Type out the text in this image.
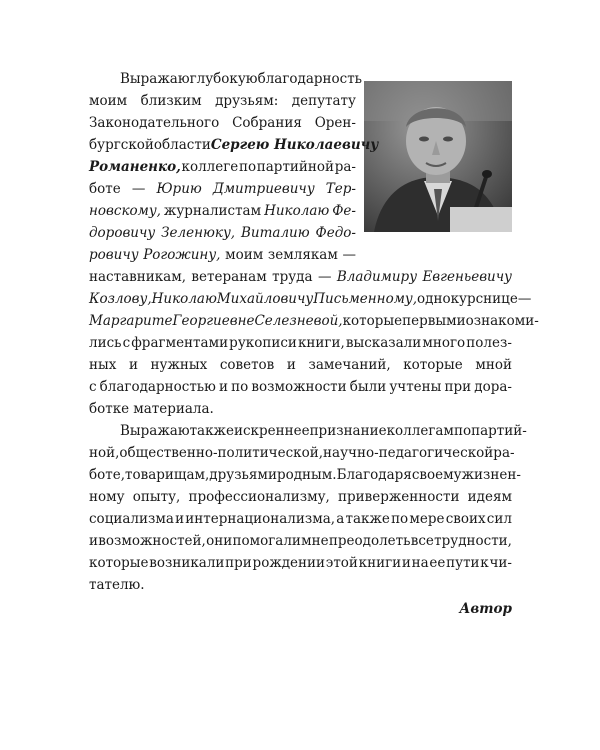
Выражаю глубокую благодарность
моим близким друзьям: депутату
Законодательного Собрания Орен-
бургской области Сергею Николаевичу
Романенко, коллеге по партийной ра-
боте — Юрию Дмитриевичу Тер-
новскому, журналистам Николаю Фе-
доровичу Зеленюку, Виталию Федо-
ровичу Рогожину, моим землякам —
наставникам, ветеранам труда — Владимиру Евгеньевичу
Козлову, Николаю Михайловичу Письменному, однокурснице —
Маргарите Георгиевне Селезневой, которые первыми ознакоми-
лись с фрагментами рукописи книги, высказали много полез-
ных и нужных советов и замечаний, которые мной
с благодарностью и по возможности были учтены при дора-
ботке материала.
Выражаю также искреннее признание коллегам по партий-
ной, общественно-политической, научно-педагогической ра-
боте, товарищам, друзьям и родным. Благодаря своему жизнен-
ному опыту, профессионализму, приверженности идеям
социализма и интернационализма, а также по мере своих сил
и возможностей, они помогали мне преодолеть все трудности,
которые возникали при рождении этой книги и на ее пути к чи-
тателю.
Автор
